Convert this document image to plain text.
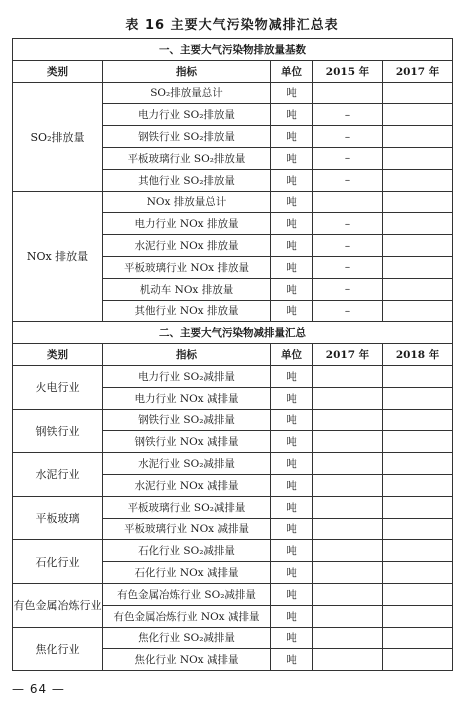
表 16 主要大气污染物减排汇总表
一、主要大气污染物排放量基数				
类别	指标	单位	2015 年	2017 年
SO₂排放量	SO₂排放量总计	吨		
	电力行业 SO₂排放量	吨	–	
	钢铁行业 SO₂排放量	吨	–	
	平板玻璃行业 SO₂排放量	吨	–	
	其他行业 SO₂排放量	吨	–	
NOx 排放量	NOx 排放量总计	吨		
	电力行业 NOx 排放量	吨	–	
	水泥行业 NOx 排放量	吨	–	
	平板玻璃行业 NOx 排放量	吨	–	
	机动车 NOx 排放量	吨	–	
	其他行业 NOx 排放量	吨	–	
二、主要大气污染物减排量汇总				
类别	指标	单位	2017 年	2018 年
火电行业	电力行业 SO₂减排量	吨		
	电力行业 NOx 减排量	吨		
钢铁行业	钢铁行业 SO₂减排量	吨		
	钢铁行业 NOx 减排量	吨		
水泥行业	水泥行业 SO₂减排量	吨		
	水泥行业 NOx 减排量	吨		
平板玻璃	平板玻璃行业 SO₂减排量	吨		
	平板玻璃行业 NOx 减排量	吨		
石化行业	石化行业 SO₂减排量	吨		
	石化行业 NOx 减排量	吨		
有色金属冶炼行业	有色金属冶炼行业 SO₂减排量	吨		
	有色金属冶炼行业 NOx 减排量	吨		
焦化行业	焦化行业 SO₂减排量	吨		
	焦化行业 NOx 减排量	吨		
— 64 —
